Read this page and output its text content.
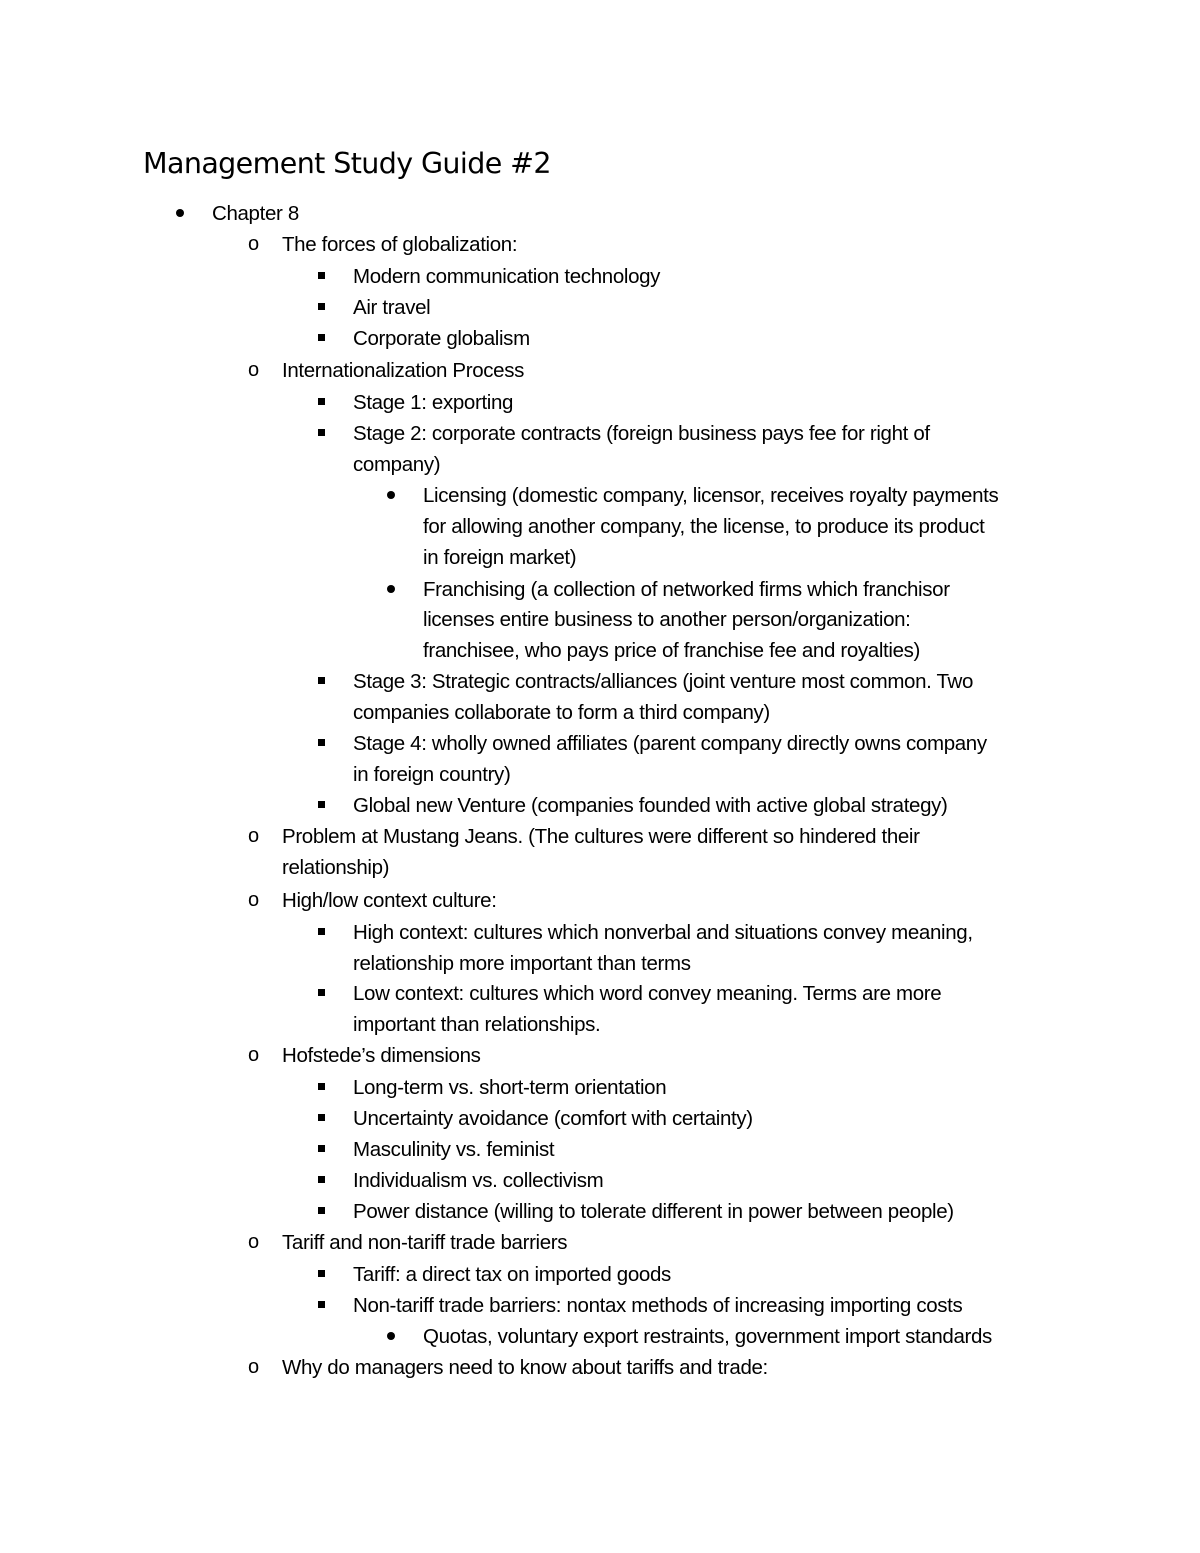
Management Study Guide #2
Chapter 8
o The forces of globalization:
Modern communication technology
Air travel
Corporate globalism
o Internationalization Process
Stage 1: exporting
Stage 2: corporate contracts (foreign business pays fee for right of
company)
Licensing (domestic company, licensor, receives royalty payments
for allowing another company, the license, to produce its product
in foreign market)
Franchising (a collection of networked firms which franchisor
licenses entire business to another person/organization:
franchisee, who pays price of franchise fee and royalties)
Stage 3: Strategic contracts/alliances (joint venture most common. Two
companies collaborate to form a third company)
Stage 4: wholly owned affiliates (parent company directly owns company
in foreign country)
Global new Venture (companies founded with active global strategy)
o Problem at Mustang Jeans. (The cultures were different so hindered their
relationship)
o High/low context culture:
High context: cultures which nonverbal and situations convey meaning,
relationship more important than terms
Low context: cultures which word convey meaning. Terms are more
important than relationships.
o Hofstede’s dimensions
Long-term vs. short-term orientation
Uncertainty avoidance (comfort with certainty)
Masculinity vs. feminist
Individualism vs. collectivism
Power distance (willing to tolerate different in power between people)
o Tariff and non-tariff trade barriers
Tariff: a direct tax on imported goods
Non-tariff trade barriers: nontax methods of increasing importing costs
Quotas, voluntary export restraints, government import standards
o Why do managers need to know about tariffs and trade:
